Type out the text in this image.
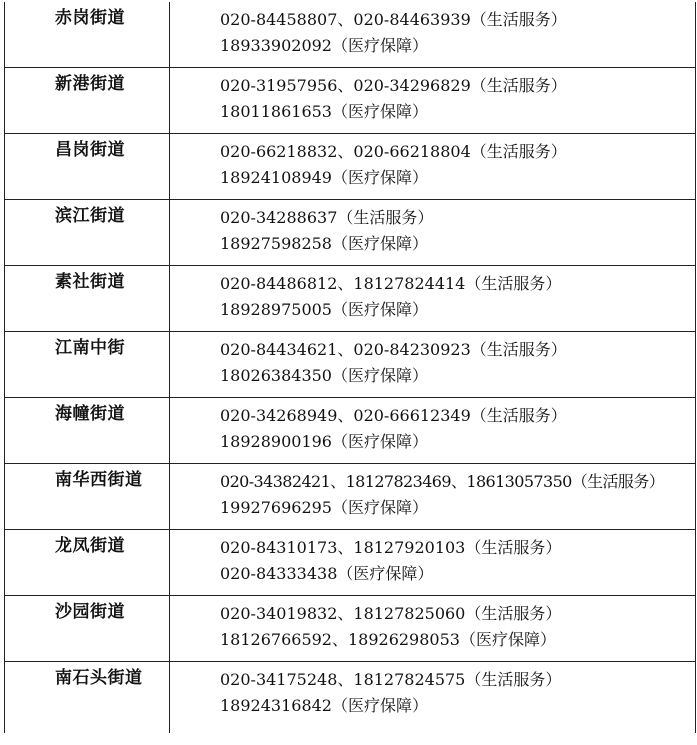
赤岗街道	020-84458807、020-84463939（生活服务）
18933902092（医疗保障）
新港街道	020-31957956、020-34296829（生活服务）
18011861653（医疗保障）
昌岗街道	020-66218832、020-66218804（生活服务）
18924108949（医疗保障）
滨江街道	020-34288637（生活服务）
18927598258（医疗保障）
素社街道	020-84486812、18127824414（生活服务）
18928975005（医疗保障）
江南中街	020-84434621、020-84230923（生活服务）
18026384350（医疗保障）
海幢街道	020-34268949、020-66612349（生活服务）
18928900196（医疗保障）
南华西街道	020-34382421、18127823469、18613057350（生活服务）
19927696295（医疗保障）
龙凤街道	020-84310173、18127920103（生活服务）
020-84333438（医疗保障）
沙园街道	020-34019832、18127825060（生活服务）
18126766592、18926298053（医疗保障）
南石头街道	020-34175248、18127824575（生活服务）
18924316842（医疗保障）
